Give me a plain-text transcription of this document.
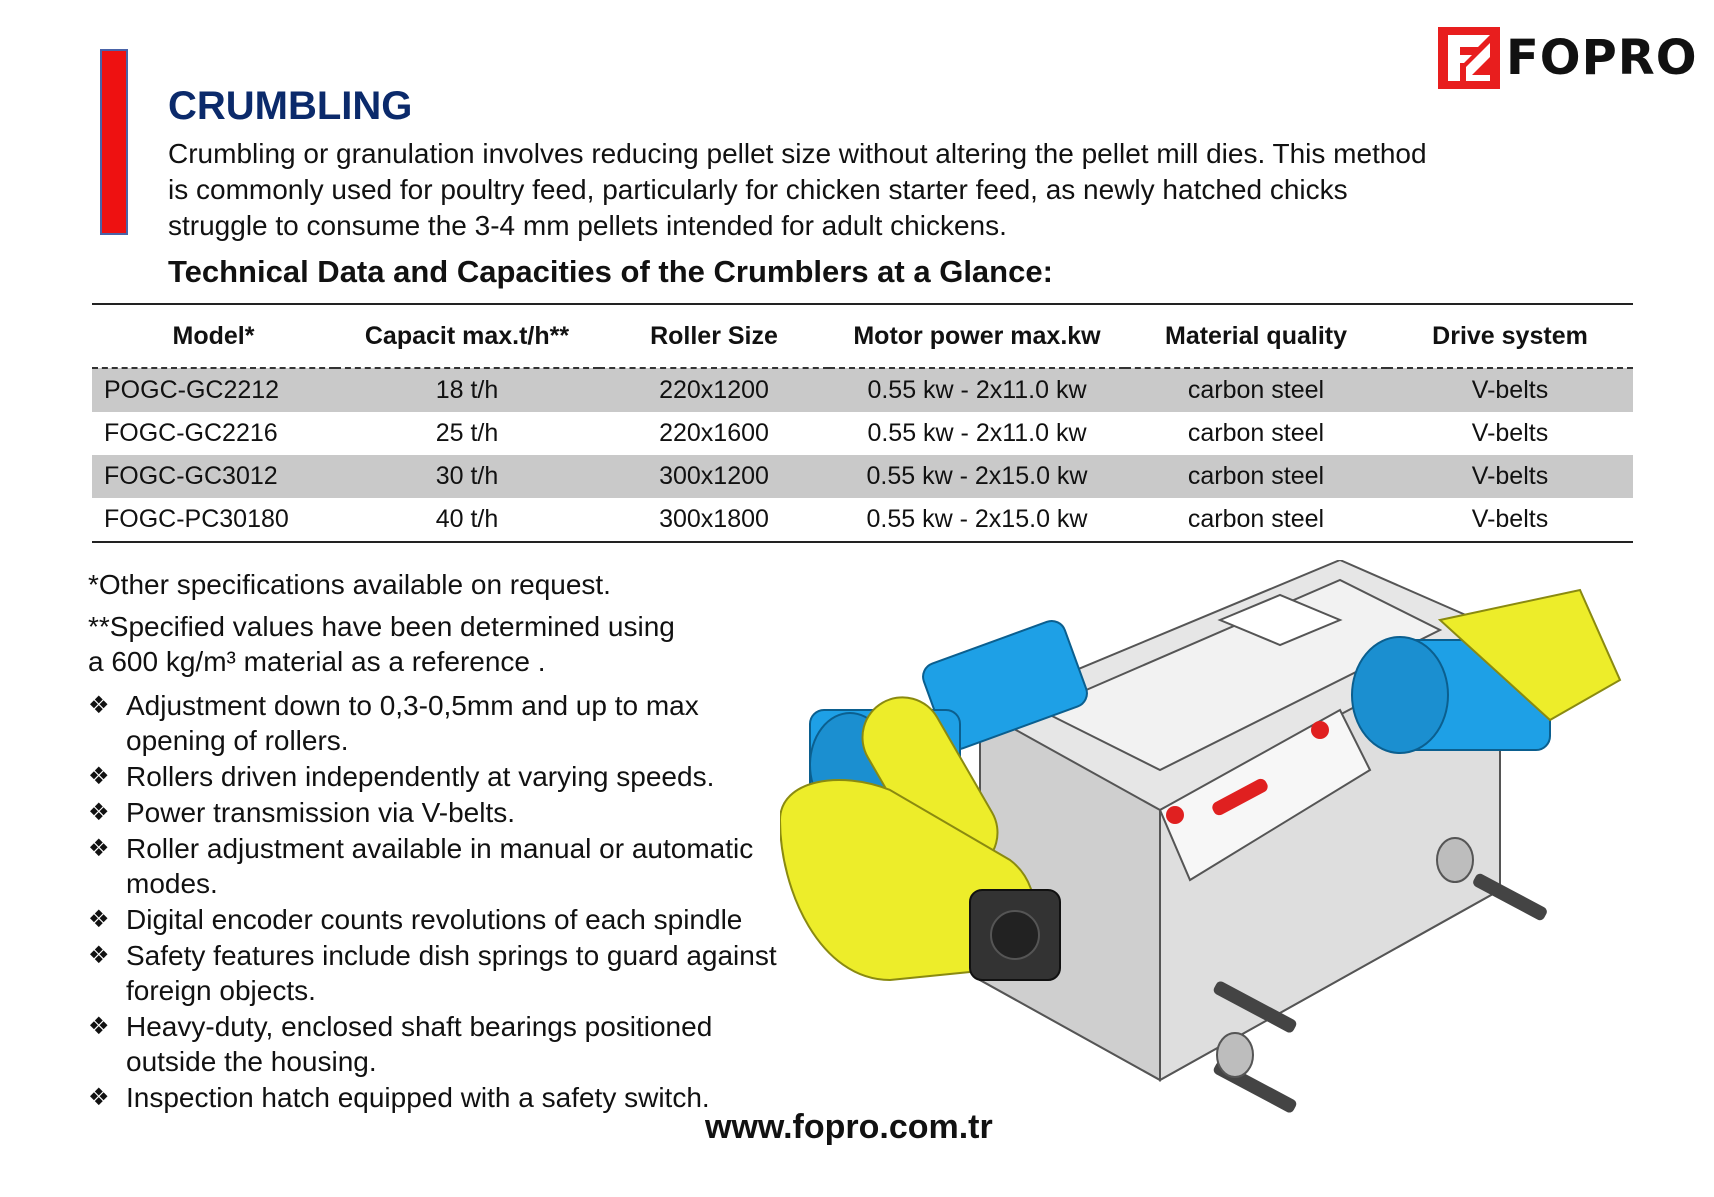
FOPRO
CRUMBLING

Crumbling or granulation involves reducing pellet size without altering the pellet mill dies. This method is commonly used for poultry feed, particularly for chicken starter feed, as newly hatched chicks struggle to consume the 3-4 mm pellets intended for adult chickens.

Technical Data and Capacities of the Crumblers at a Glance:
Model*	Capacit max.t/h**	Roller Size	Motor power max.kw	Material quality	Drive system
POGC-GC2212	18 t/h	220x1200	0.55 kw - 2x11.0 kw	carbon steel	V-belts
FOGC-GC2216	25 t/h	220x1600	0.55 kw - 2x11.0 kw	carbon steel	V-belts
FOGC-GC3012	30 t/h	300x1200	0.55 kw - 2x15.0 kw	carbon steel	V-belts
FOGC-PC30180	40 t/h	300x1800	0.55 kw - 2x15.0 kw	carbon steel	V-belts

*Other specifications available on request.

**Specified values have been determined using

a 600 kg/m³ material as a reference .

❖ Adjustment down to 0,3-0,5mm and up to max opening of rollers.
❖ Rollers driven independently at varying speeds.
❖ Power transmission via V-belts.
❖ Roller adjustment available in manual or automatic modes.
❖ Digital encoder counts revolutions of each spindle
❖ Safety features include dish springs to guard against foreign objects.
❖ Heavy-duty, enclosed shaft bearings positioned outside the housing.
❖ Inspection hatch equipped with a safety switch.

www.fopro.com.tr
